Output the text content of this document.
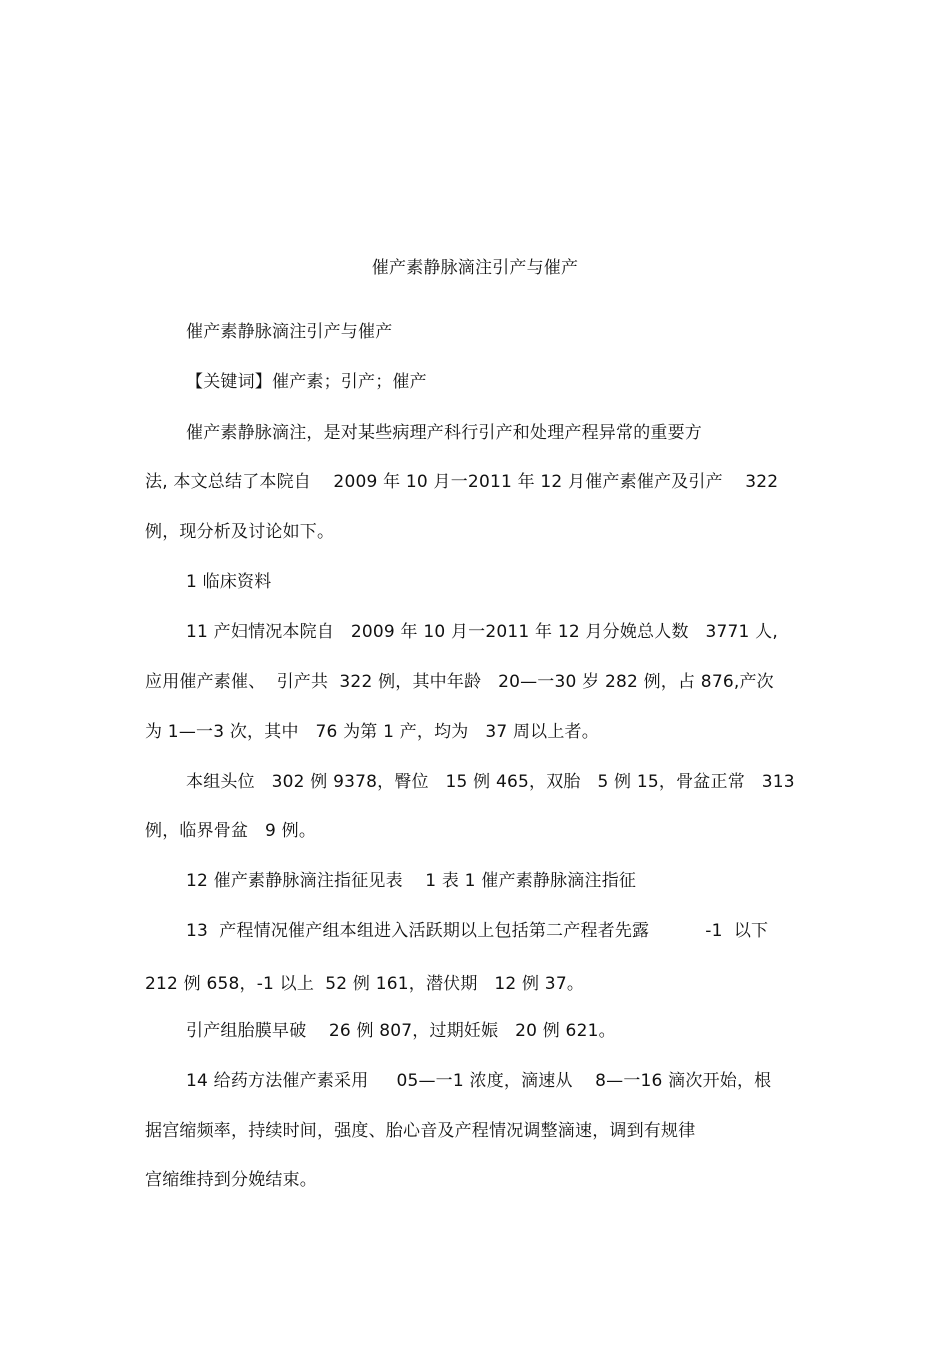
催产素静脉滴注引产与催产
催产素静脉滴注引产与催产
【关键词】催产素；引产；催产
催产素静脉滴注，是对某些病理产科行引产和处理产程异常的重要方
法, 本文总结了本院自    2009 年 10 月一2011 年 12 月催产素催产及引产    322
例，现分析及讨论如下。
1 临床资料
11 产妇情况本院自   2009 年 10 月一2011 年 12 月分娩总人数   3771 人,
应用催产素催、  引产共  322 例，其中年龄   20—一30 岁 282 例，占 876,产次
为 1—一3 次，其中   76 为第 1 产，均为   37 周以上者。
本组头位   302 例 9378，臀位   15 例 465，双胎   5 例 15，骨盆正常   313
例，临界骨盆   9 例。
12 催产素静脉滴注指征见表    1 表 1 催产素静脉滴注指征
13  产程情况催产组本组进入活跃期以上包括第二产程者先露          -1  以下
212 例 658，-1 以上  52 例 161，潜伏期   12 例 37。
引产组胎膜早破    26 例 807，过期妊娠   20 例 621。
14 给药方法催产素采用     05—一1 浓度，滴速从    8—一16 滴次开始，根
据宫缩频率，持续时间，强度、胎心音及产程情况调整滴速，调到有规律
宫缩维持到分娩结束。
